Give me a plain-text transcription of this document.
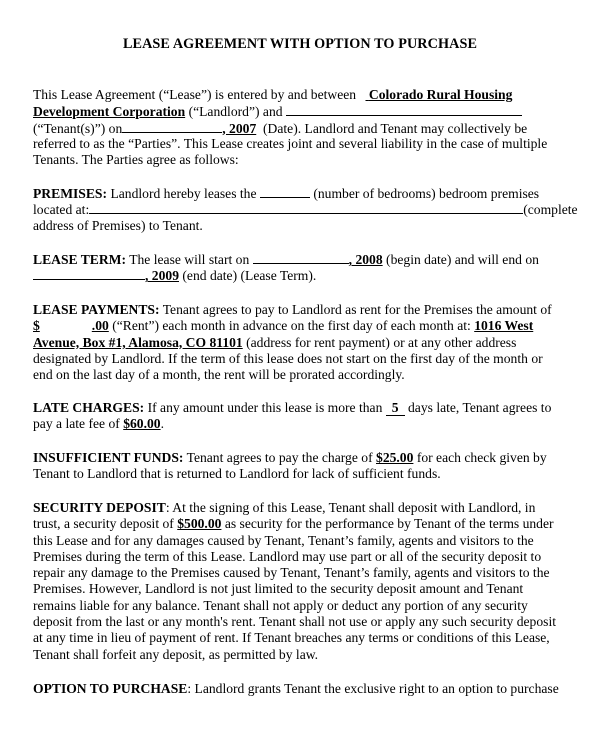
LEASE AGREEMENT WITH OPTION TO PURCHASE
This Lease Agreement (“Lease”) is entered by and between Colorado Rural Housing
Development Corporation (“Landlord”) and
(“Tenant(s)”) on	, 2007 (Date). Landlord and Tenant may collectively be
referred to as the “Parties”. This Lease creates joint and several liability in the case of multiple
Tenants. The Parties agree as follows:
PREMISES: Landlord hereby leases the	(number of bedrooms) bedroom premises
located at:	(complete
address of Premises) to Tenant.
LEASE TERM: The lease will start on	, 2008 (begin date) and will end on
, 2009 (end date) (Lease Term).
LEASE PAYMENTS: Tenant agrees to pay to Landlord as rent for the Premises the amount of
$	.00 (“Rent”) each month in advance on the first day of each month at: 1016 West
Avenue, Box #1, Alamosa, CO 81101 (address for rent payment) or at any other address
designated by Landlord. If the term of this lease does not start on the first day of the month or
end on the last day of a month, the rent will be prorated accordingly.
LATE CHARGES: If any amount under this lease is more than 5 days late, Tenant agrees to
pay a late fee of $60.00.
INSUFFICIENT FUNDS: Tenant agrees to pay the charge of $25.00 for each check given by
Tenant to Landlord that is returned to Landlord for lack of sufficient funds.
SECURITY DEPOSIT: At the signing of this Lease, Tenant shall deposit with Landlord, in
trust, a security deposit of $500.00 as security for the performance by Tenant of the terms under
this Lease and for any damages caused by Tenant, Tenant’s family, agents and visitors to the
Premises during the term of this Lease. Landlord may use part or all of the security deposit to
repair any damage to the Premises caused by Tenant, Tenant’s family, agents and visitors to the
Premises. However, Landlord is not just limited to the security deposit amount and Tenant
remains liable for any balance. Tenant shall not apply or deduct any portion of any security
deposit from the last or any month's rent. Tenant shall not use or apply any such security deposit
at any time in lieu of payment of rent. If Tenant breaches any terms or conditions of this Lease,
Tenant shall forfeit any deposit, as permitted by law.
OPTION TO PURCHASE: Landlord grants Tenant the exclusive right to an option to purchase
